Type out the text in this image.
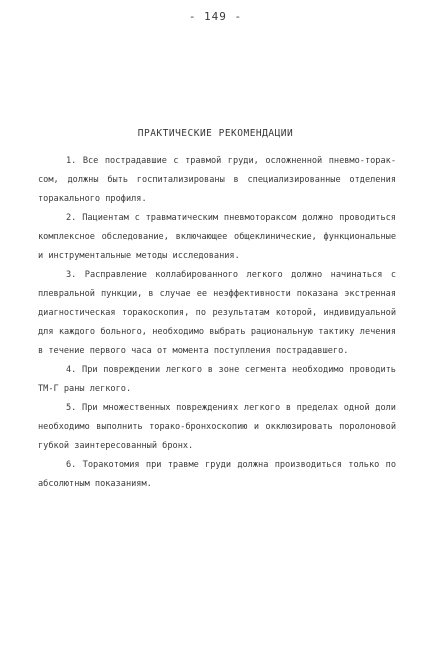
- 149 -
ПРАКТИЧЕСКИЕ РЕКОМЕНДАЦИИ

1. Все пострадавшие с травмой груди, осложненной пневмо-тораксом, должны быть госпитализированы в специализированные отделения торакального профиля.

2. Пациентам с травматическим пневмотораксом должно проводиться комплексное обследование, включающее общеклинические, функциональные и инструментальные методы исследования.

3. Расправление коллабированного легкого должно начинаться с плевральной пункции, в случае ее неэффективности показана экстренная диагностическая торакоскопия, по результатам которой, индивидуальной для каждого больного, необходимо выбрать рациональную тактику лечения в течение первого часа от момента поступления пострадавшего.

4. При повреждении легкого в зоне сегмента необходимо проводить ТМ-Г раны легкого.

5. При множественных повреждениях легкого в пределах одной доли необходимо выполнить торако-бронхоскопию и окклюзировать поролоновой губкой заинтересованный бронх.

6. Торакотомия при травме груди должна производиться только по абсолютным показаниям.
